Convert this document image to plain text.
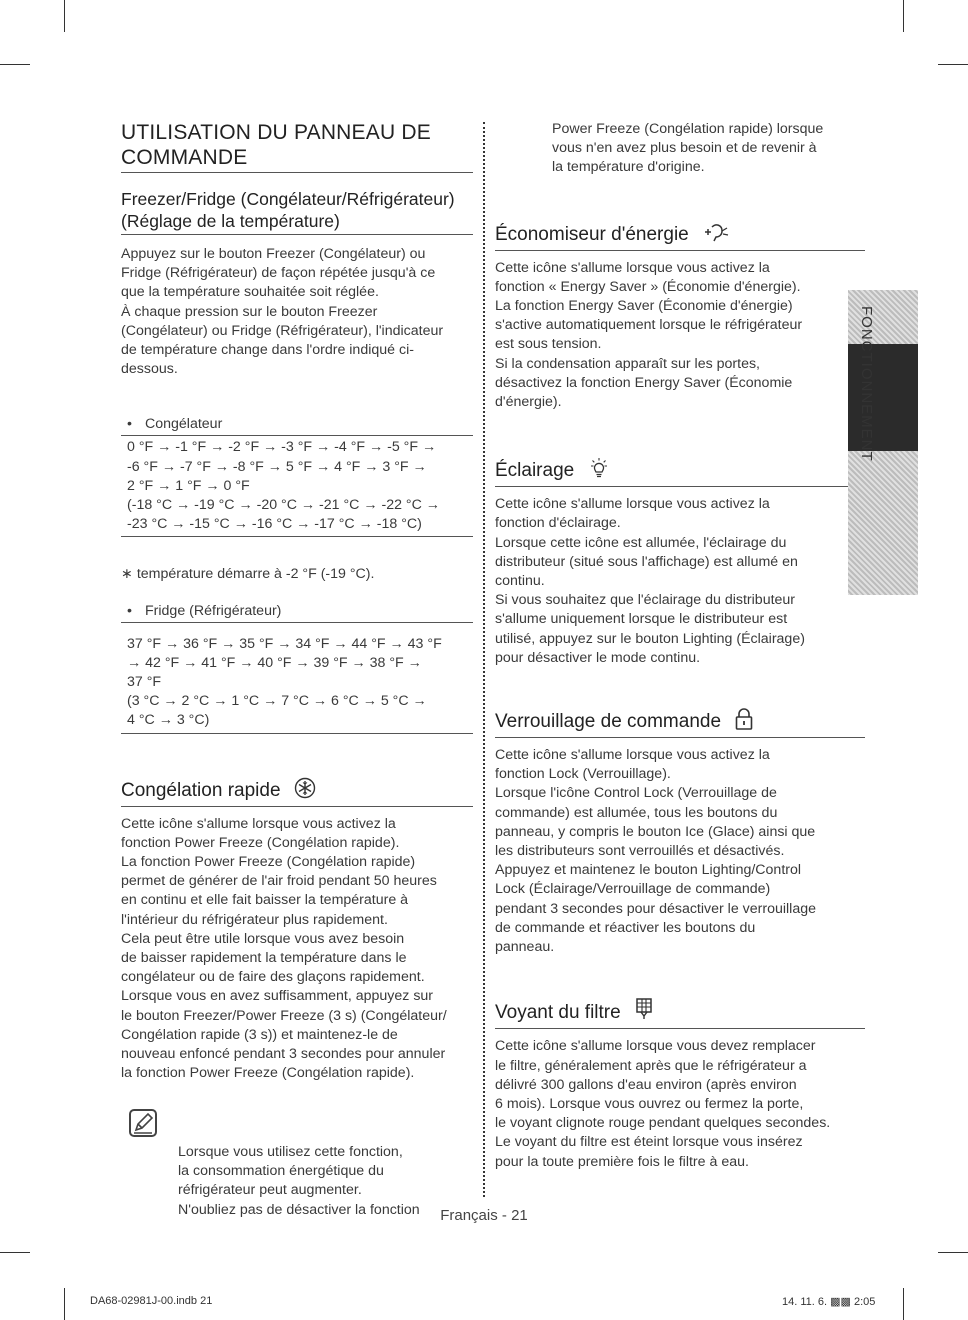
UTILISATION DU PANNEAU DE
COMMANDE
Freezer/Fridge (Congélateur/Réfrigérateur)
(Réglage de la température)

Appuyez sur le bouton Freezer (Congélateur) ou
Fridge (Réfrigérateur) de façon répétée jusqu'à ce
que la température souhaitée soit réglée.
À chaque pression sur le bouton Freezer
(Congélateur) ou Fridge (Réfrigérateur), l'indicateur
de température change dans l'ordre indiqué ci-
dessous.

• Congélateur
0 °F → -1 °F → -2 °F → -3 °F → -4 °F → -5 °F →
-6 °F → -7 °F → -8 °F → 5 °F → 4 °F → 3 °F →
2 °F → 1 °F → 0 °F
(-18 °C → -19 °C → -20 °C → -21 °C → -22 °C →
-23 °C → -15 °C → -16 °C → -17 °C → -18 °C)

∗ température démarre à -2 °F (-19 °C).

• Fridge (Réfrigérateur)
37 °F → 36 °F → 35 °F → 34 °F → 44 °F → 43 °F
→ 42 °F → 41 °F → 40 °F → 39 °F → 38 °F →
37 °F
(3 °C → 2 °C → 1 °C → 7 °C → 6 °C → 5 °C →
4 °C → 3 °C)
Congélation rapide

Cette icône s'allume lorsque vous activez la
fonction Power Freeze (Congélation rapide).
La fonction Power Freeze (Congélation rapide)
permet de générer de l'air froid pendant 50 heures
en continu et elle fait baisser la température à
l'intérieur du réfrigérateur plus rapidement.
Cela peut être utile lorsque vous avez besoin
de baisser rapidement la température dans le
congélateur ou de faire des glaçons rapidement.
Lorsque vous en avez suffisamment, appuyez sur
le bouton Freezer/Power Freeze (3 s) (Congélateur/
Congélation rapide (3 s)) et maintenez-le de
nouveau enfoncé pendant 3 secondes pour annuler
la fonction Power Freeze (Congélation rapide).

Lorsque vous utilisez cette fonction,
la consommation énergétique du
réfrigérateur peut augmenter.
N'oubliez pas de désactiver la fonction

Power Freeze (Congélation rapide) lorsque
vous n'en avez plus besoin et de revenir à
la température d'origine.

Économiseur d'énergie

Cette icône s'allume lorsque vous activez la
fonction « Energy Saver » (Économie d'énergie).
La fonction Energy Saver (Économie d'énergie)
s'active automatiquement lorsque le réfrigérateur
est sous tension.
Si la condensation apparaît sur les portes,
désactivez la fonction Energy Saver (Économie
d'énergie).

Éclairage

Cette icône s'allume lorsque vous activez la
fonction d'éclairage.
Lorsque cette icône est allumée, l'éclairage du
distributeur (situé sous l'affichage) est allumé en
continu.
Si vous souhaitez que l'éclairage du distributeur
s'allume uniquement lorsque le distributeur est
utilisé, appuyez sur le bouton Lighting (Éclairage)
pour désactiver le mode continu.

Verrouillage de commande

Cette icône s'allume lorsque vous activez la
fonction Lock (Verrouillage).
Lorsque l'icône Control Lock (Verrouillage de
commande) est allumée, tous les boutons du
panneau, y compris le bouton Ice (Glace) ainsi que
les distributeurs sont verrouillés et désactivés.
Appuyez et maintenez le bouton Lighting/Control
Lock (Éclairage/Verrouillage de commande)
pendant 3 secondes pour désactiver le verrouillage
de commande et réactiver les boutons du
panneau.

Voyant du filtre

Cette icône s'allume lorsque vous devez remplacer
le filtre, généralement après que le réfrigérateur a
délivré 300 gallons d'eau environ (après environ
6 mois). Lorsque vous ouvrez ou fermez la porte,
le voyant clignote rouge pendant quelques secondes.
Le voyant du filtre est éteint lorsque vous insérez
pour la toute première fois le filtre à eau.

FONCTIONNEMENT
Français - 21
DA68-02981J-00.indb 21	14. 11. 6. ▩▩ 2:05
